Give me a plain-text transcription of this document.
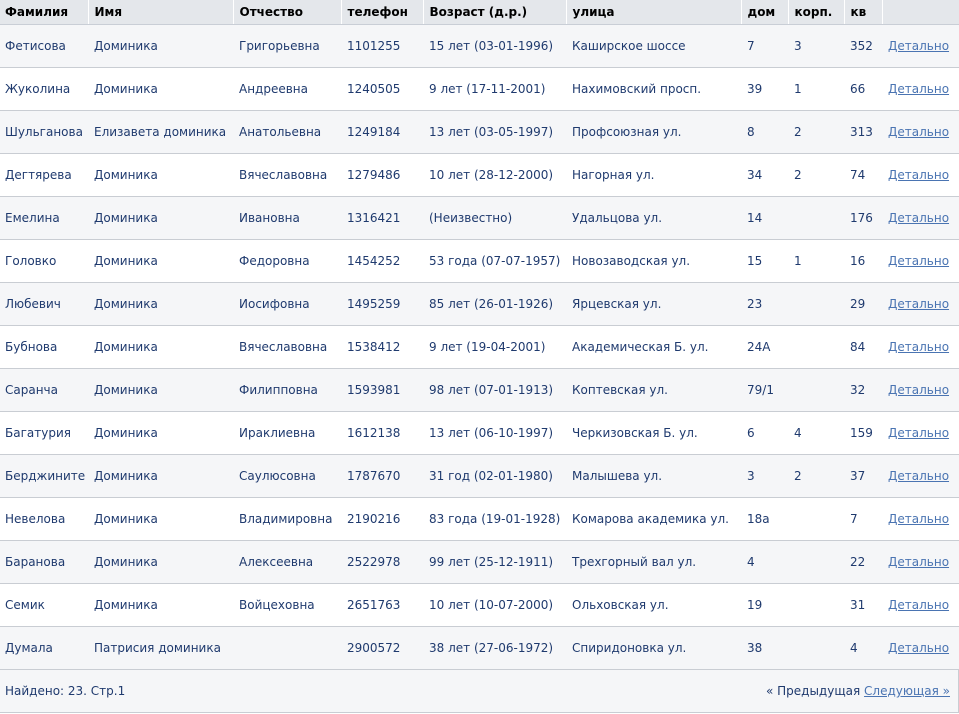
Фамилия	Имя	Отчество	телефон	Возраст (д.р.)	улица	дом	корп.	кв	
Фетисова	Доминика	Григорьевна	1101255	15 лет (03-01-1996)	Каширское шоссе	7	3	352	Детально
Жуколина	Доминика	Андреевна	1240505	9 лет (17-11-2001)	Нахимовский просп.	39	1	66	Детально
Шульганова	Елизавета доминика	Анатольевна	1249184	13 лет (03-05-1997)	Профсоюзная ул.	8	2	313	Детально
Дегтярева	Доминика	Вячеславовна	1279486	10 лет (28-12-2000)	Нагорная ул.	34	2	74	Детально
Емелина	Доминика	Ивановна	1316421	(Неизвестно)	Удальцова ул.	14		176	Детально
Головко	Доминика	Федоровна	1454252	53 года (07-07-1957)	Новозаводская ул.	15	1	16	Детально
Любевич	Доминика	Иосифовна	1495259	85 лет (26-01-1926)	Ярцевская ул.	23		29	Детально
Бубнова	Доминика	Вячеславовна	1538412	9 лет (19-04-2001)	Академическая Б. ул.	24А		84	Детально
Саранча	Доминика	Филипповна	1593981	98 лет (07-01-1913)	Коптевская ул.	79/1		32	Детально
Багатурия	Доминика	Ираклиевна	1612138	13 лет (06-10-1997)	Черкизовская Б. ул.	6	4	159	Детально
Берджините	Доминика	Саулюсовна	1787670	31 год (02-01-1980)	Малышева ул.	3	2	37	Детально
Невелова	Доминика	Владимировна	2190216	83 года (19-01-1928)	Комарова академика ул.	18а		7	Детально
Баранова	Доминика	Алексеевна	2522978	99 лет (25-12-1911)	Трехгорный вал ул.	4		22	Детально
Семик	Доминика	Войцеховна	2651763	10 лет (10-07-2000)	Ольховская ул.	19		31	Детально
Думала	Патрисия доминика		2900572	38 лет (27-06-1972)	Спиридоновка ул.	38		4	Детально
Найдено: 23. Стр.1	« Предыдущая Следующая »
